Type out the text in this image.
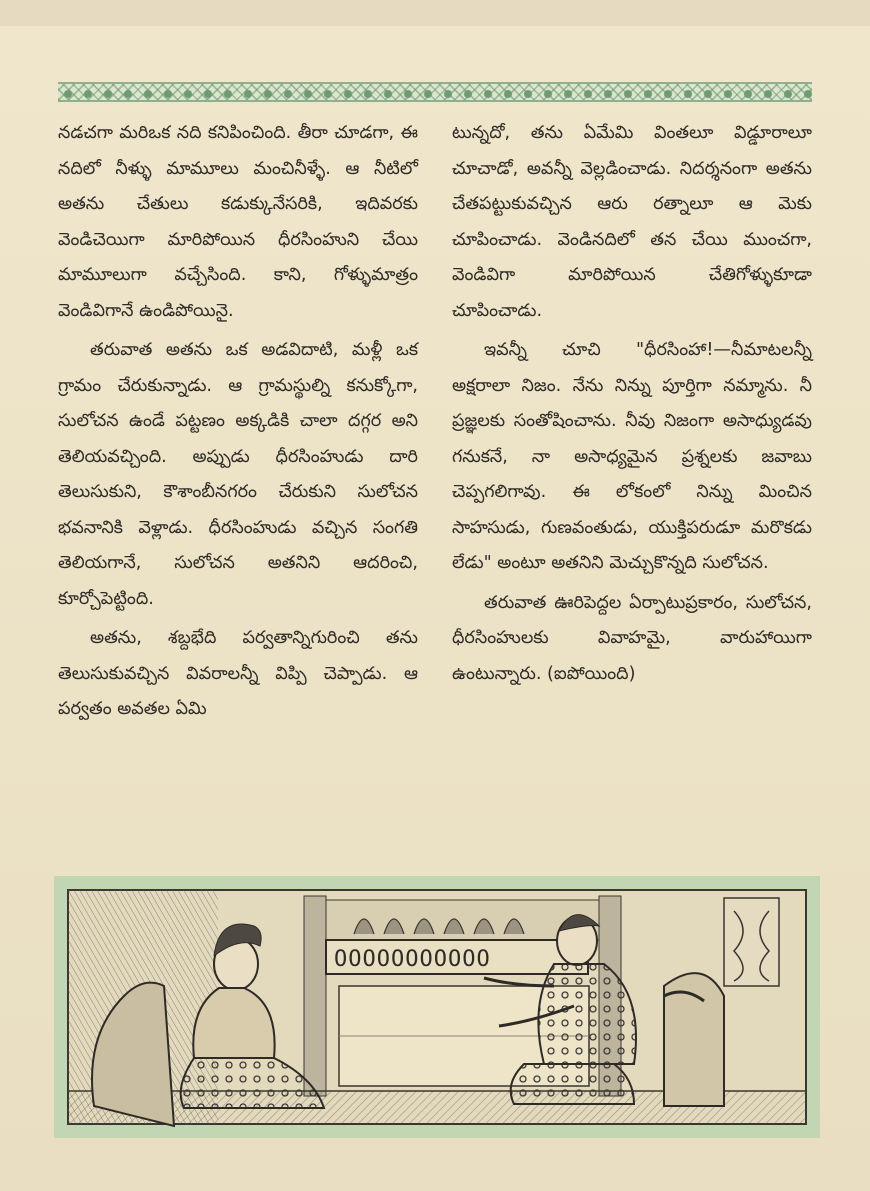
నడచగా మరిఒక నది కనిపించింది. తీరా చూడగా, ఈ నదిలో నీళ్ళు మామూలు మంచినీళ్ళే. ఆ నీటిలో అతను చేతులు కడుక్కునేసరికి, ఇదివరకు వెండిచెయిగా మారిపోయిన ధీరసింహుని చేయి మామూలుగా వచ్చేసింది. కాని, గోళ్ళుమాత్రం వెండివిగానే ఉండిపోయినై.

తరువాత అతను ఒక అడవిదాటి, మళ్లీ ఒక గ్రామం చేరుకున్నాడు. ఆ గ్రామస్థుల్ని కనుక్కోగా, సులోచన ఉండే పట్టణం అక్కడికి చాలా దగ్గర అని తెలియవచ్చింది. అప్పుడు ధీరసింహుడు దారి తెలుసుకుని, కౌశాంబీనగరం చేరుకుని సులోచన భవనానికి వెళ్లాడు. ధీరసింహుడు వచ్చిన సంగతి తెలియగానే, సులోచన అతనిని ఆదరించి, కూర్చోపెట్టింది.

అతను, శబ్దభేది పర్వతాన్నిగురించి తను తెలుసుకువచ్చిన వివరాలన్నీ విప్పి చెప్పాడు. ఆ పర్వతం అవతల ఏమి

టున్నదో, తను ఏమేమి వింతలూ విడ్డూరాలూ చూచాడో, అవన్నీ వెల్లడించాడు. నిదర్శనంగా అతను చేతపట్టుకువచ్చిన ఆరు రత్నాలూ ఆ మెకు చూపించాడు. వెండినదిలో తన చేయి ముంచగా, వెండివిగా మారిపోయిన చేతిగోళ్ళుకూడా చూపించాడు.

ఇవన్నీ చూచి "ధీరసింహా!—నీమాటలన్నీ అక్షరాలా నిజం. నేను నిన్ను పూర్తిగా నమ్మాను. నీ ప్రజ్ఞలకు సంతోషించాను. నీవు నిజంగా అసాధ్యుడవు గనుకనే, నా అసాధ్యమైన ప్రశ్నలకు జవాబు చెప్పగలిగావు. ఈ లోకంలో నిన్ను మించిన సాహసుడు, గుణవంతుడు, యుక్తిపరుడూ మరొకడు లేడు" అంటూ అతనిని మెచ్చుకొన్నది సులోచన.

తరువాత ఊరిపెద్దల ఏర్పాటుప్రకారం, సులోచన, ధీరసింహులకు వివాహమై, వారుహాయిగా ఉంటున్నారు. (ఐపోయింది)

OOOOOOOOOOO
